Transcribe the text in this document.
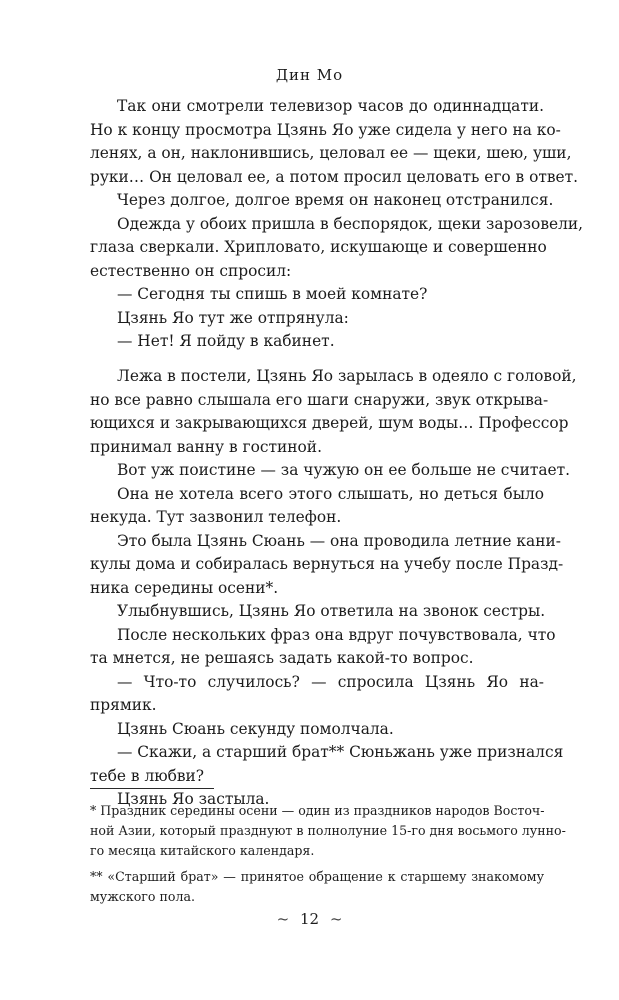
Дин Мо
Так они смотрели телевизор часов до одиннадцати.
Но к концу просмотра Цзянь Яо уже сидела у него на ко-
ленях, а он, наклонившись, целовал ее — щеки, шею, уши,
руки… Он целовал ее, а потом просил целовать его в ответ.
Через долгое, долгое время он наконец отстранился.
Одежда у обоих пришла в беспорядок, щеки зарозовели,
глаза сверкали. Хрипловато, искушающе и совершенно
естественно он спросил:
— Сегодня ты спишь в моей комнате?
Цзянь Яо тут же отпрянула:
— Нет! Я пойду в кабинет.
Лежа в постели, Цзянь Яо зарылась в одеяло с головой,
но все равно слышала его шаги снаружи, звук открыва-
ющихся и закрывающихся дверей, шум воды… Профессор
принимал ванну в гостиной.
Вот уж поистине — за чужую он ее больше не считает.
Она не хотела всего этого слышать, но деться было
некуда. Тут зазвонил телефон.
Это была Цзянь Сюань — она проводила летние кани-
кулы дома и собиралась вернуться на учебу после Празд-
ника середины осени*.
Улыбнувшись, Цзянь Яо ответила на звонок сестры.
После нескольких фраз она вдруг почувствовала, что
та мнется, не решаясь задать какой-то вопрос.
— Что-то случилось? — спросила Цзянь Яо на-
прямик.
Цзянь Сюань секунду помолчала.
— Скажи, а старший брат** Сюньжань уже признался
тебе в любви?
Цзянь Яо застыла.
* Праздник середины осени — один из праздников народов Восточ-
ной Азии, который празднуют в полнолуние 15-го дня восьмого лунно-
го месяца китайского календаря.
** «Старший брат» — принятое обращение к старшему знакомому
мужского пола.
~ 12 ~
